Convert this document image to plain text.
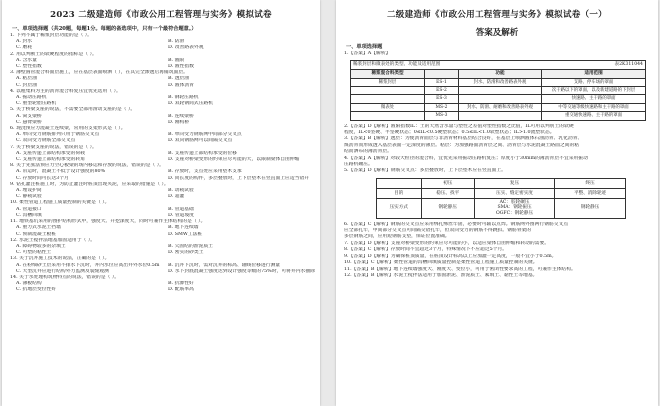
2023 二级建造师《市政公用工程管理与实务》模拟试卷
一、单项选择题（共20题，每题1分。每题的备选项中，只有一个最符合题意。）
1. 下列不属于稀浆封层功能的是（ ）。
A. 封水	B. 防滑
C. 磨耗	D. 改善路表外观
2. 用以判断土的软硬程度的指标是（ ）。
A. 含水量	B. 液限
C. 塑性指数	D. 液性指数
3. 薄壁圆管混合料面层施工，应在基层表面喷洒（ ），在其完全渗透后再铺筑面层。
A. 粘层油	B. 透层油
C. 封层油	D. 液体沥青
4. 以粗集料为主的沥青混合料复压宜优先选用（ ）。
A. 振动压路机	B. 钢轮压路机
C. 重型轮胎压路机	D. 双轮钢筒式压路机
5. 关于桥梁支座的说法，不需要全部用滑动支座的是（ ）。
A. 简支梁桥	B. 连续梁桥
C. 悬臂梁桥	D. 刚构桥
6. 现浇预应力混凝土连续梁，常用的支架形式是（ ）。
A. 单向受力钢筋排列只用于钢筋交叉点	B. 单向受力钢筋网中间部分交叉点
C. 双向受力钢筋全部交叉点	D. 双向钢筋网可以间隔交叉点
7. 关于桥梁支座的说法，错误的是（ ）。
A. 支座传递上部结构承受的荷载	B. 支座传递上部结构承受的位移
C. 支座传递上部结构承受的转角	D. 支座对桥梁变形的约束应尽可能的大，以限制梁体自由伸缩
8. 关于先张法预应力空心板梁的场内移运和存放的说法，错误的是（ ）。
A. 吊运时，混凝土不低于设计强度的80%	B. 存放时，支点处应采用垫木支承
C. 存放时间可长达3个月	D. 同长度的构件，多层叠放时，上下层垫木在竖直面上应适当错开
9. 钻孔灌注桩施工时，为防止灌注时桩顶出现夹泥，应采取的措施是（ ）。
A. 埋设护筒	B. 动载试验
C. 静载试验	D. 超灌
10. 柔性管道工程施工质量控制的关键是（ ）。
A. 管道接口	B. 管道基础
C. 沟槽回填	D. 管道坡度
11. 地铁基坑采用的围护结构形式中，强度大、开挖深度大，同时可兼作主体结构的是（ ）。
A. 重力式水泥土挡墙	B. 地下连续墙
C. 预制混凝土板桩	D. SMW工法桩
12. 水泥土搅拌法地基加固适用于（ ）。
A. 障碍物较多的杂填土	B. 欠固结的淤泥质土
C. 可塑的粘性土	D. 密实的砂类土
13. 关于沉井施工技术的说法，正确的是（ ）。
A. 在粉细砂土层采用不排水下沉时，井内水位应高出井外水位0.5m	B. 沉井下沉时，需对沉井的标高、轴线位移进行测量
C. 大型沉井应进行结构外力监测及裂缝观测	D. 水下封底混凝土强度达到设计强度等级的75%时，可将井内水抽除
14. 关于水处理构筑物特点的说法，错误的是（ ）。
A. 薄板结构	B. 抗渗性好
C. 抗地层变位性好	D. 配筋率高
二级建造师《市政公用工程管理与实务》模拟试卷（一）
答案及解析
一、单项选择题
1.【答案】A【解析】
稀浆封层和微表处的类型、功能及适用范围		表2K311044	
稀浆混合料类型		功能	适用范围
稀浆封层	ES-1	封水、防滑和改善路表外观	支路、停车场的罩面
	ES-2		次干路以下的罩面，以及新建道路的下封层
	ES-3		快速路、主干路的罩面
微表处	MS-2	封水、防滑、耐磨和改善路表外观	中等交通等级快速路和主干路的罩面
	MS-3		重交通快速路、主干路的罩面
2.【答案】D【解析】液限指数IL：土的天然含水量与塑性之差值对塑性指数之比值，IL可用以判别土的软硬
程度，IL<0坚硬、半坚硬状态；0≤IL<0.5硬塑状态；0.5≤IL<1.0软塑状态；IL>1.0流塑状态。
3.【答案】B【解析】透层：为使沥青面层与非沥青材料基层结合良好，在基层上喷洒液体石油沥青、乳化沥青、
煤沥青而形成透入基层表面一定深度的薄层。粘层：为加强路面沥青层之间、沥青层与水泥混凝土路面之间的粘
结而洒布的薄沥青层。
4.【答案】A【解析】对较大粒径的混合料，宜优先采用振动压路机复压；厚度小于30mm的薄沥青层不宜采用振动
压路机碾压。
5.【答案】D【解析】钢筋交叉点：多层叠放时，上下层垫木应在竖直面上。
	初压	复压	终压
目的	稳压、找平	压实、缝定密实度	平整、消除轮迹
压实方式	钢轮静压	AC：胶轮碾压
SMA：钢轮振压
OGFC：钢轮静压	钢轮静压
6.【答案】C【解析】钢筋的交叉点应采用绑扎绑丝牢固，必要时可辅以点焊。钢筋网外围两行钢筋交叉点
应全部扎牢，中间部分交叉点可间隔交错扎牢，但双向受力的钢筋不得跳扣。钢筋骨架的
多层钢筋之间，应用短钢筋支垫，保证位置准确。
7.【答案】D【解析】支座对桥梁变形的约束应尽可能的小，以适应梁体自由伸缩和转动的需要。
8.【答案】C【解析】存放时间不宜超过3个月，特殊情况下不应超过5个月。
9.【答案】D【解析】为确保桩顶质量，在桩顶设计标高以上应加灌一定高度，一般不宜小于0.5m。
10.【答案】C【解析】柔性管道的沟槽回填质量控制是柔性管道工程施工质量控制的关键。
11.【答案】B【解析】地下连续墙强度大、刚度大、变位小，可用于密闭性要求高的工程，可兼作主体结构。
12.【答案】B【解析】水泥土搅拌法适用于加固淤泥、淤泥质土、素填土、黏性土等地基。
